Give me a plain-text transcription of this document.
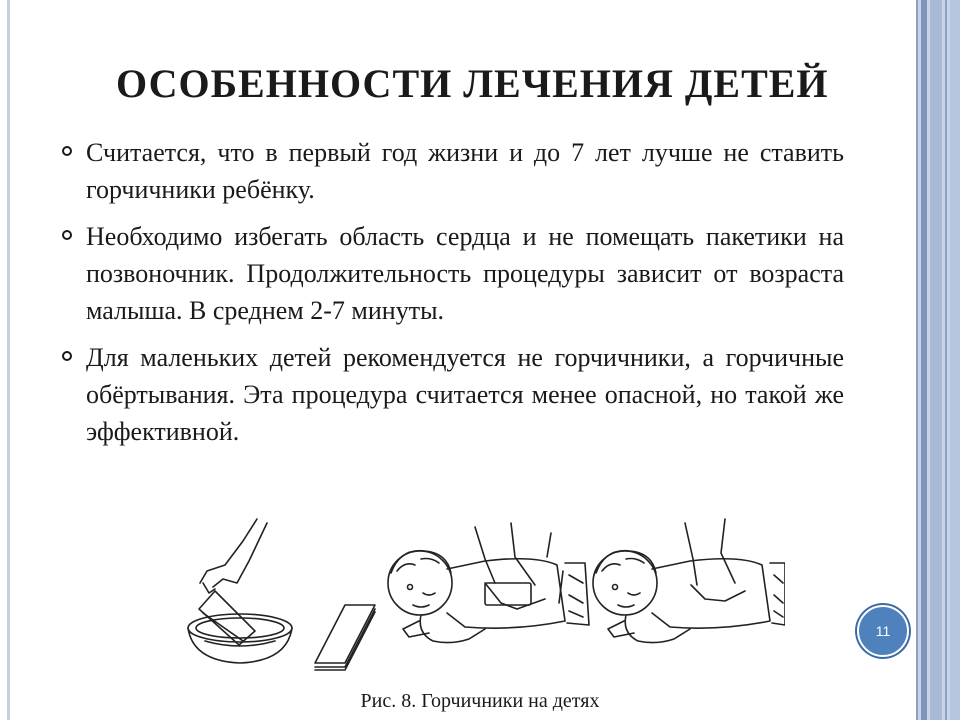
ОСОБЕННОСТИ ЛЕЧЕНИЯ ДЕТЕЙ
Считается, что в первый год жизни и до 7 лет лучше не ставить горчичники ребёнку.
Необходимо избегать область сердца и не помещать пакетики на позвоночник. Продолжительность процедуры зависит от возраста малыша. В среднем 2-7 минуты.
Для маленьких детей рекомендуется не горчичники, а горчичные обёртывания. Эта процедура считается менее опасной, но такой же эффективной.
Рис. 8. Горчичники на детях
11
